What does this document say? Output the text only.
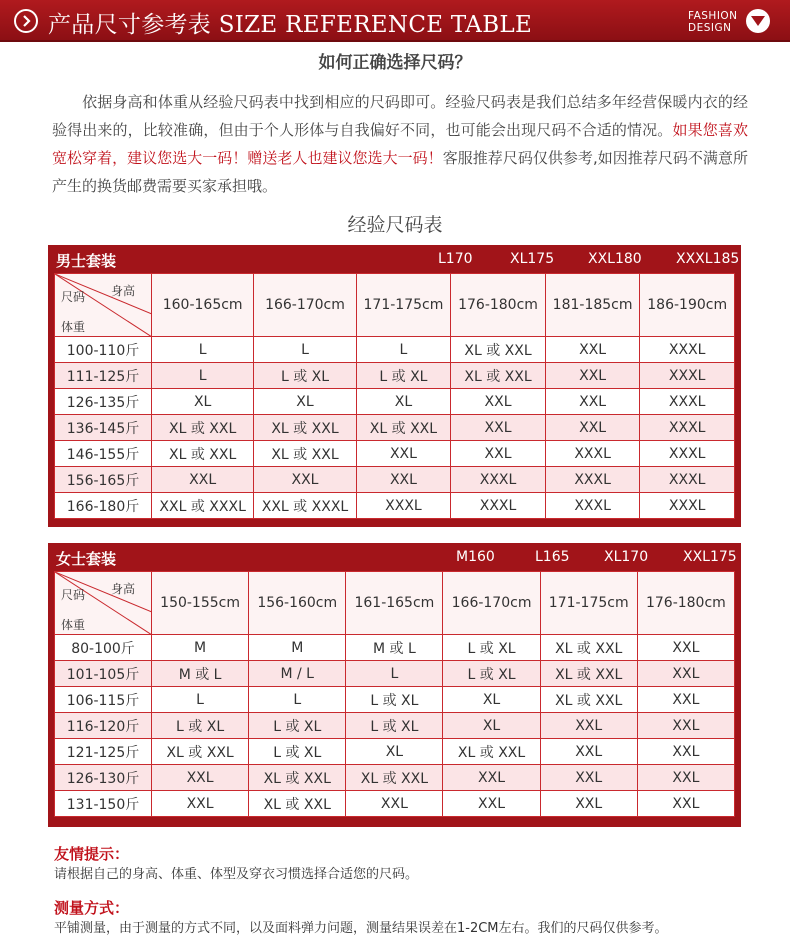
产品尺寸参考表 SIZE REFERENCE TABLE	FASHION
DESIGN
如何正确选择尺码？
  依据身高和体重从经验尺码表中找到相应的尺码即可。经验尺码表是我们总结多年经营保暖内衣的经验得出来的，比较准确，但由于个人形体与自我偏好不同，也可能会出现尺码不合适的情况。如果您喜欢宽松穿着，建议您选大一码！赠送老人也建议您选大一码！客服推荐尺码仅供参考,如因推荐尺码不满意所产生的换货邮费需要买家承担哦。
经验尺码表
男士套装	L170	XL175 XXL180 XXXL185
身高
尺码
体重	160-165cm	166-170cm	171-175cm	176-180cm	181-185cm	186-190cm
100-110斤	L	L	L	XL 或 XXL	XXL	XXXL
111-125斤	L	L 或 XL	L 或 XL	XL 或 XXL	XXL	XXXL
126-135斤	XL	XL	XL	XXL	XXL	XXXL
136-145斤	XL 或 XXL	XL 或 XXL	XL 或 XXL	XXL	XXL	XXXL
146-155斤	XL 或 XXL	XL 或 XXL	XXL	XXL	XXXL	XXXL
156-165斤	XXL	XXL	XXL	XXXL	XXXL	XXXL
166-180斤	XXL 或 XXXL	XXL 或 XXXL	XXXL	XXXL	XXXL	XXXL
女士套装	M160	L165 XL170 XXL175
身高
尺码
体重	150-155cm	156-160cm	161-165cm	166-170cm	171-175cm	176-180cm
80-100斤	M	M	M 或 L	L 或 XL	XL 或 XXL	XXL
101-105斤	M 或 L	M / L	L	L 或 XL	XL 或 XXL	XXL
106-115斤	L	L	L 或 XL	XL	XL 或 XXL	XXL
116-120斤	L 或 XL	L 或 XL	L 或 XL	XL	XXL	XXL
121-125斤	XL 或 XXL	L 或 XL	XL	XL 或 XXL	XXL	XXL
126-130斤	XXL	XL 或 XXL	XL 或 XXL	XXL	XXL	XXL
131-150斤	XXL	XL 或 XXL	XXL	XXL	XXL	XXL
友情提示：
请根据自己的身高、体重、体型及穿衣习惯选择合适您的尺码。
测量方式：
平铺测量，由于测量的方式不同，以及面料弹力问题，测量结果误差在1-2CM左右。我们的尺码仅供参考。
